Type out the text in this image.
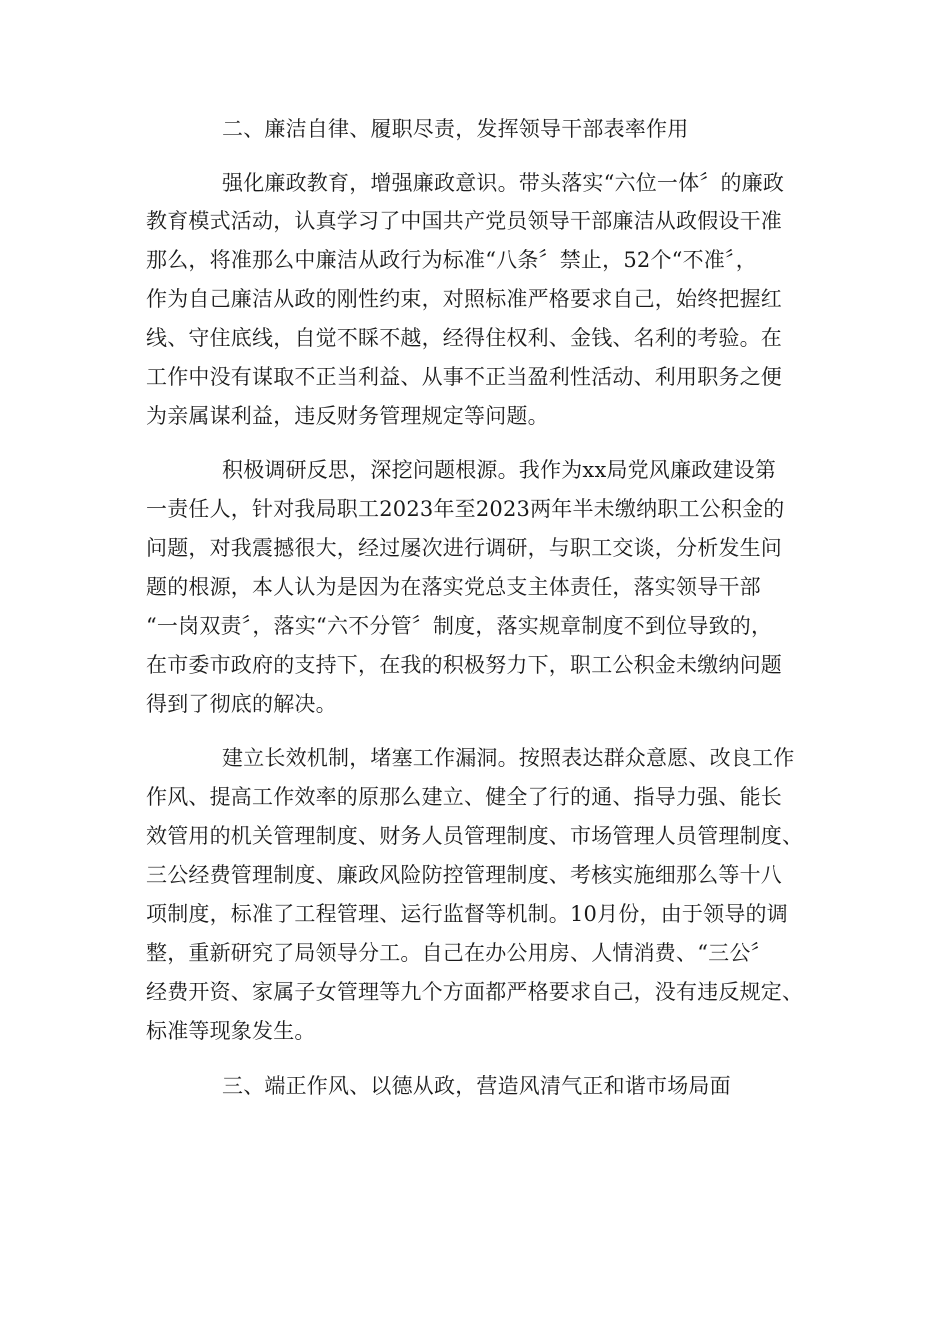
二、廉洁自律、履职尽责，发挥领导干部表率作用
强化廉政教育，增强廉政意识。带头落实“六位一体〞的廉政
教育模式活动，认真学习了中国共产党员领导干部廉洁从政假设干准
那么，将准那么中廉洁从政行为标准“八条〞禁止，52个“不准〞，
作为自己廉洁从政的刚性约束，对照标准严格要求自己，始终把握红
线、守住底线，自觉不睬不越，经得住权利、金钱、名利的考验。在
工作中没有谋取不正当利益、从事不正当盈利性活动、利用职务之便
为亲属谋利益，违反财务管理规定等问题。
积极调研反思，深挖问题根源。我作为xx局党风廉政建设第
一责任人，针对我局职工2023年至2023两年半未缴纳职工公积金的
问题，对我震撼很大，经过屡次进行调研，与职工交谈，分析发生问
题的根源，本人认为是因为在落实党总支主体责任，落实领导干部
“一岗双责〞，落实“六不分管〞制度，落实规章制度不到位导致的，
在市委市政府的支持下，在我的积极努力下，职工公积金未缴纳问题
得到了彻底的解决。
建立长效机制，堵塞工作漏洞。按照表达群众意愿、改良工作
作风、提高工作效率的原那么建立、健全了行的通、指导力强、能长
效管用的机关管理制度、财务人员管理制度、市场管理人员管理制度、
三公经费管理制度、廉政风险防控管理制度、考核实施细那么等十八
项制度，标准了工程管理、运行监督等机制。10月份，由于领导的调
整，重新研究了局领导分工。自己在办公用房、人情消费、“三公〞
经费开资、家属子女管理等九个方面都严格要求自己，没有违反规定、
标准等现象发生。
三、端正作风、以德从政，营造风清气正和谐市场局面
